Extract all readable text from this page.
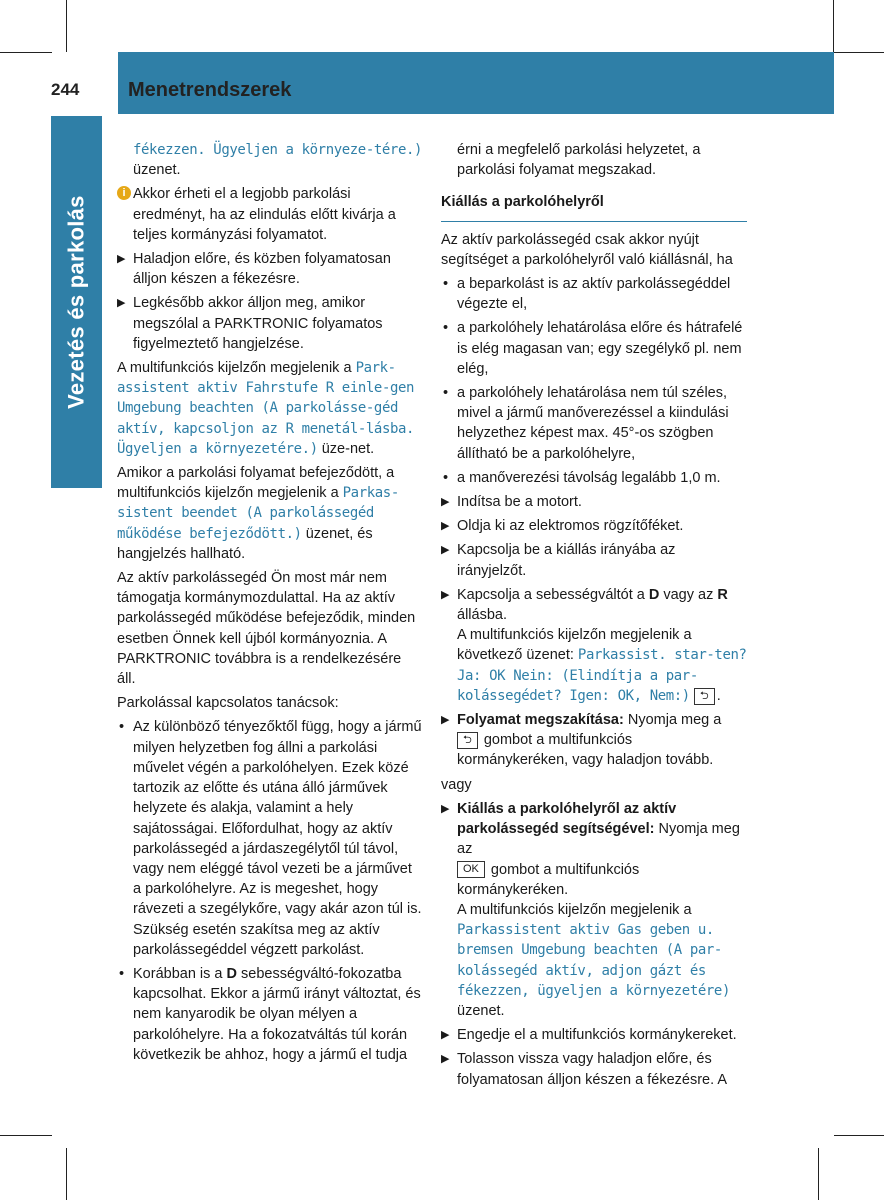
244	Menetrendszerek
Vezetés és parkolás

fékezzen. Ügyeljen a környeze-tére.) üzenet.

i Akkor érheti el a legjobb parkolási eredményt, ha az elindulás előtt kivárja a teljes kormányzási folyamatot.
▶ Haladjon előre, és közben folyamatosan álljon készen a fékezésre.
▶ Legkésőbb akkor álljon meg, amikor megszólal a PARKTRONIC folyamatos figyelmeztető hangjelzése.

A multifunkciós kijelzőn megjelenik a Park-assistent aktiv Fahrstufe R einle-gen Umgebung beachten (A parkolásse-géd aktív, kapcsoljon az R menetál-lásba. Ügyeljen a környezetére.) üze-net.

Amikor a parkolási folyamat befejeződött, a multifunkciós kijelzőn megjelenik a Parkas-sistent beendet (A parkolássegéd működése befejeződött.) üzenet, és hangjelzés hallható.

Az aktív parkolássegéd Ön most már nem támogatja kormánymozdulattal. Ha az aktív parkolássegéd működése befejeződik, minden esetben Önnek kell újból kormányoznia. A PARKTRONIC továbbra is a rendelkezésére áll.

Parkolással kapcsolatos tanácsok:

• Az különböző tényezőktől függ, hogy a jármű milyen helyzetben fog állni a parkolási művelet végén a parkolóhelyen. Ezek közé tartozik az előtte és utána álló járművek helyzete és alakja, valamint a hely sajátosságai. Előfordulhat, hogy az aktív parkolássegéd a járdaszegélytől túl távol, vagy nem eléggé távol vezeti be a járművet a parkolóhelyre. Az is megeshet, hogy rávezeti a szegélykőre, vagy akár azon túl is. Szükség esetén szakítsa meg az aktív parkolássegéddel végzett parkolást.
• Korábban is a D sebességváltó-fokozatba kapcsolhat. Ekkor a jármű irányt változtat, és nem kanyarodik be olyan mélyen a parkolóhelyre. Ha a fokozatváltás túl korán következik be ahhoz, hogy a jármű el tudja

érni a megfelelő parkolási helyzetet, a parkolási folyamat megszakad.

Kiállás a parkolóhelyről

Az aktív parkolássegéd csak akkor nyújt segítséget a parkolóhelyről való kiállásnál, ha

• a beparkolást is az aktív parkolássegéddel végezte el,
• a parkolóhely lehatárolása előre és hátrafelé is elég magasan van; egy szegélykő pl. nem elég,
• a parkolóhely lehatárolása nem túl széles, mivel a jármű manőverezéssel a kiindulási helyzethez képest max. 45°-os szögben állítható be a parkolóhelyre,
• a manőverezési távolság legalább 1,0 m.
▶ Indítsa be a motort.
▶ Oldja ki az elektromos rögzítőféket.
▶ Kapcsolja be a kiállás irányába az irányjelzőt.
▶ Kapcsolja a sebességváltót a D vagy az R állásba.
A multifunkciós kijelzőn megjelenik a következő üzenet: Parkassist. star-ten? Ja: OK Nein: (Elindítja a par-kolássegédet? Igen: OK, Nem:) ⮌ .
▶ Folyamat megszakítása: Nyomja meg a
⮌ gombot a multifunkciós kormánykeréken, vagy haladjon tovább.

vagy

▶ Kiállás a parkolóhelyről az aktív parkolássegéd segítségével: Nyomja meg az
OK gombot a multifunkciós kormánykeréken.
A multifunkciós kijelzőn megjelenik a Parkassistent aktiv Gas geben u. bremsen Umgebung beachten (A par-kolássegéd aktív, adjon gázt és fékezzen, ügyeljen a környezetére) üzenet.
▶ Engedje el a multifunkciós kormánykereket.
▶ Tolasson vissza vagy haladjon előre, és folyamatosan álljon készen a fékezésre. A
